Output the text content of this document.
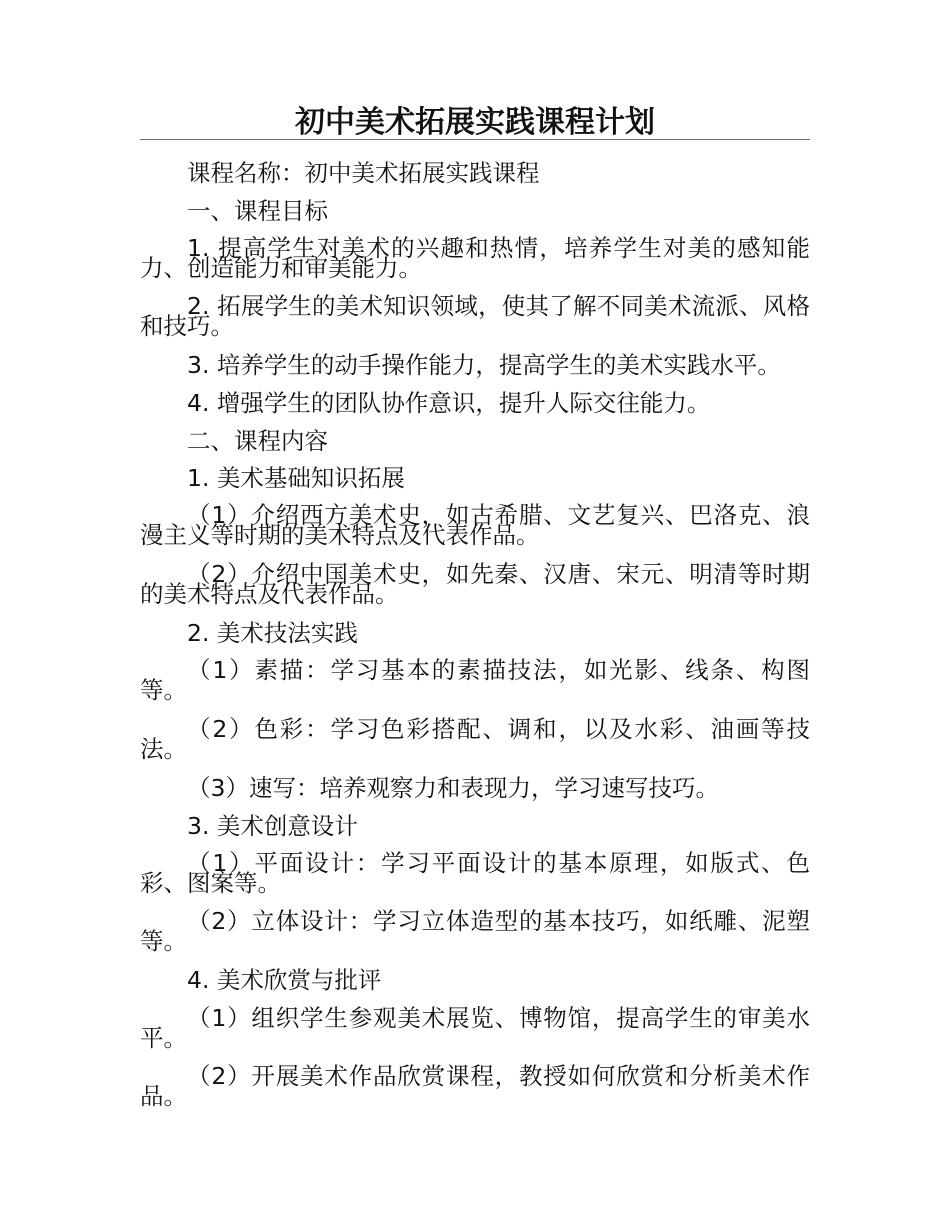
初中美术拓展实践课程计划
课程名称：初中美术拓展实践课程
一、课程目标
1. 提高学生对美术的兴趣和热情，培养学生对美的感知能力、创造能力和审美能力。
2. 拓展学生的美术知识领域，使其了解不同美术流派、风格和技巧。
3. 培养学生的动手操作能力，提高学生的美术实践水平。
4. 增强学生的团队协作意识，提升人际交往能力。
二、课程内容
1. 美术基础知识拓展
（1）介绍西方美术史，如古希腊、文艺复兴、巴洛克、浪漫主义等时期的美术特点及代表作品。
（2）介绍中国美术史，如先秦、汉唐、宋元、明清等时期的美术特点及代表作品。
2. 美术技法实践
（1）素描：学习基本的素描技法，如光影、线条、构图等。
（2）色彩：学习色彩搭配、调和，以及水彩、油画等技法。
（3）速写：培养观察力和表现力，学习速写技巧。
3. 美术创意设计
（1）平面设计：学习平面设计的基本原理，如版式、色彩、图案等。
（2）立体设计：学习立体造型的基本技巧，如纸雕、泥塑等。
4. 美术欣赏与批评
（1）组织学生参观美术展览、博物馆，提高学生的审美水平。
（2）开展美术作品欣赏课程，教授如何欣赏和分析美术作品。
